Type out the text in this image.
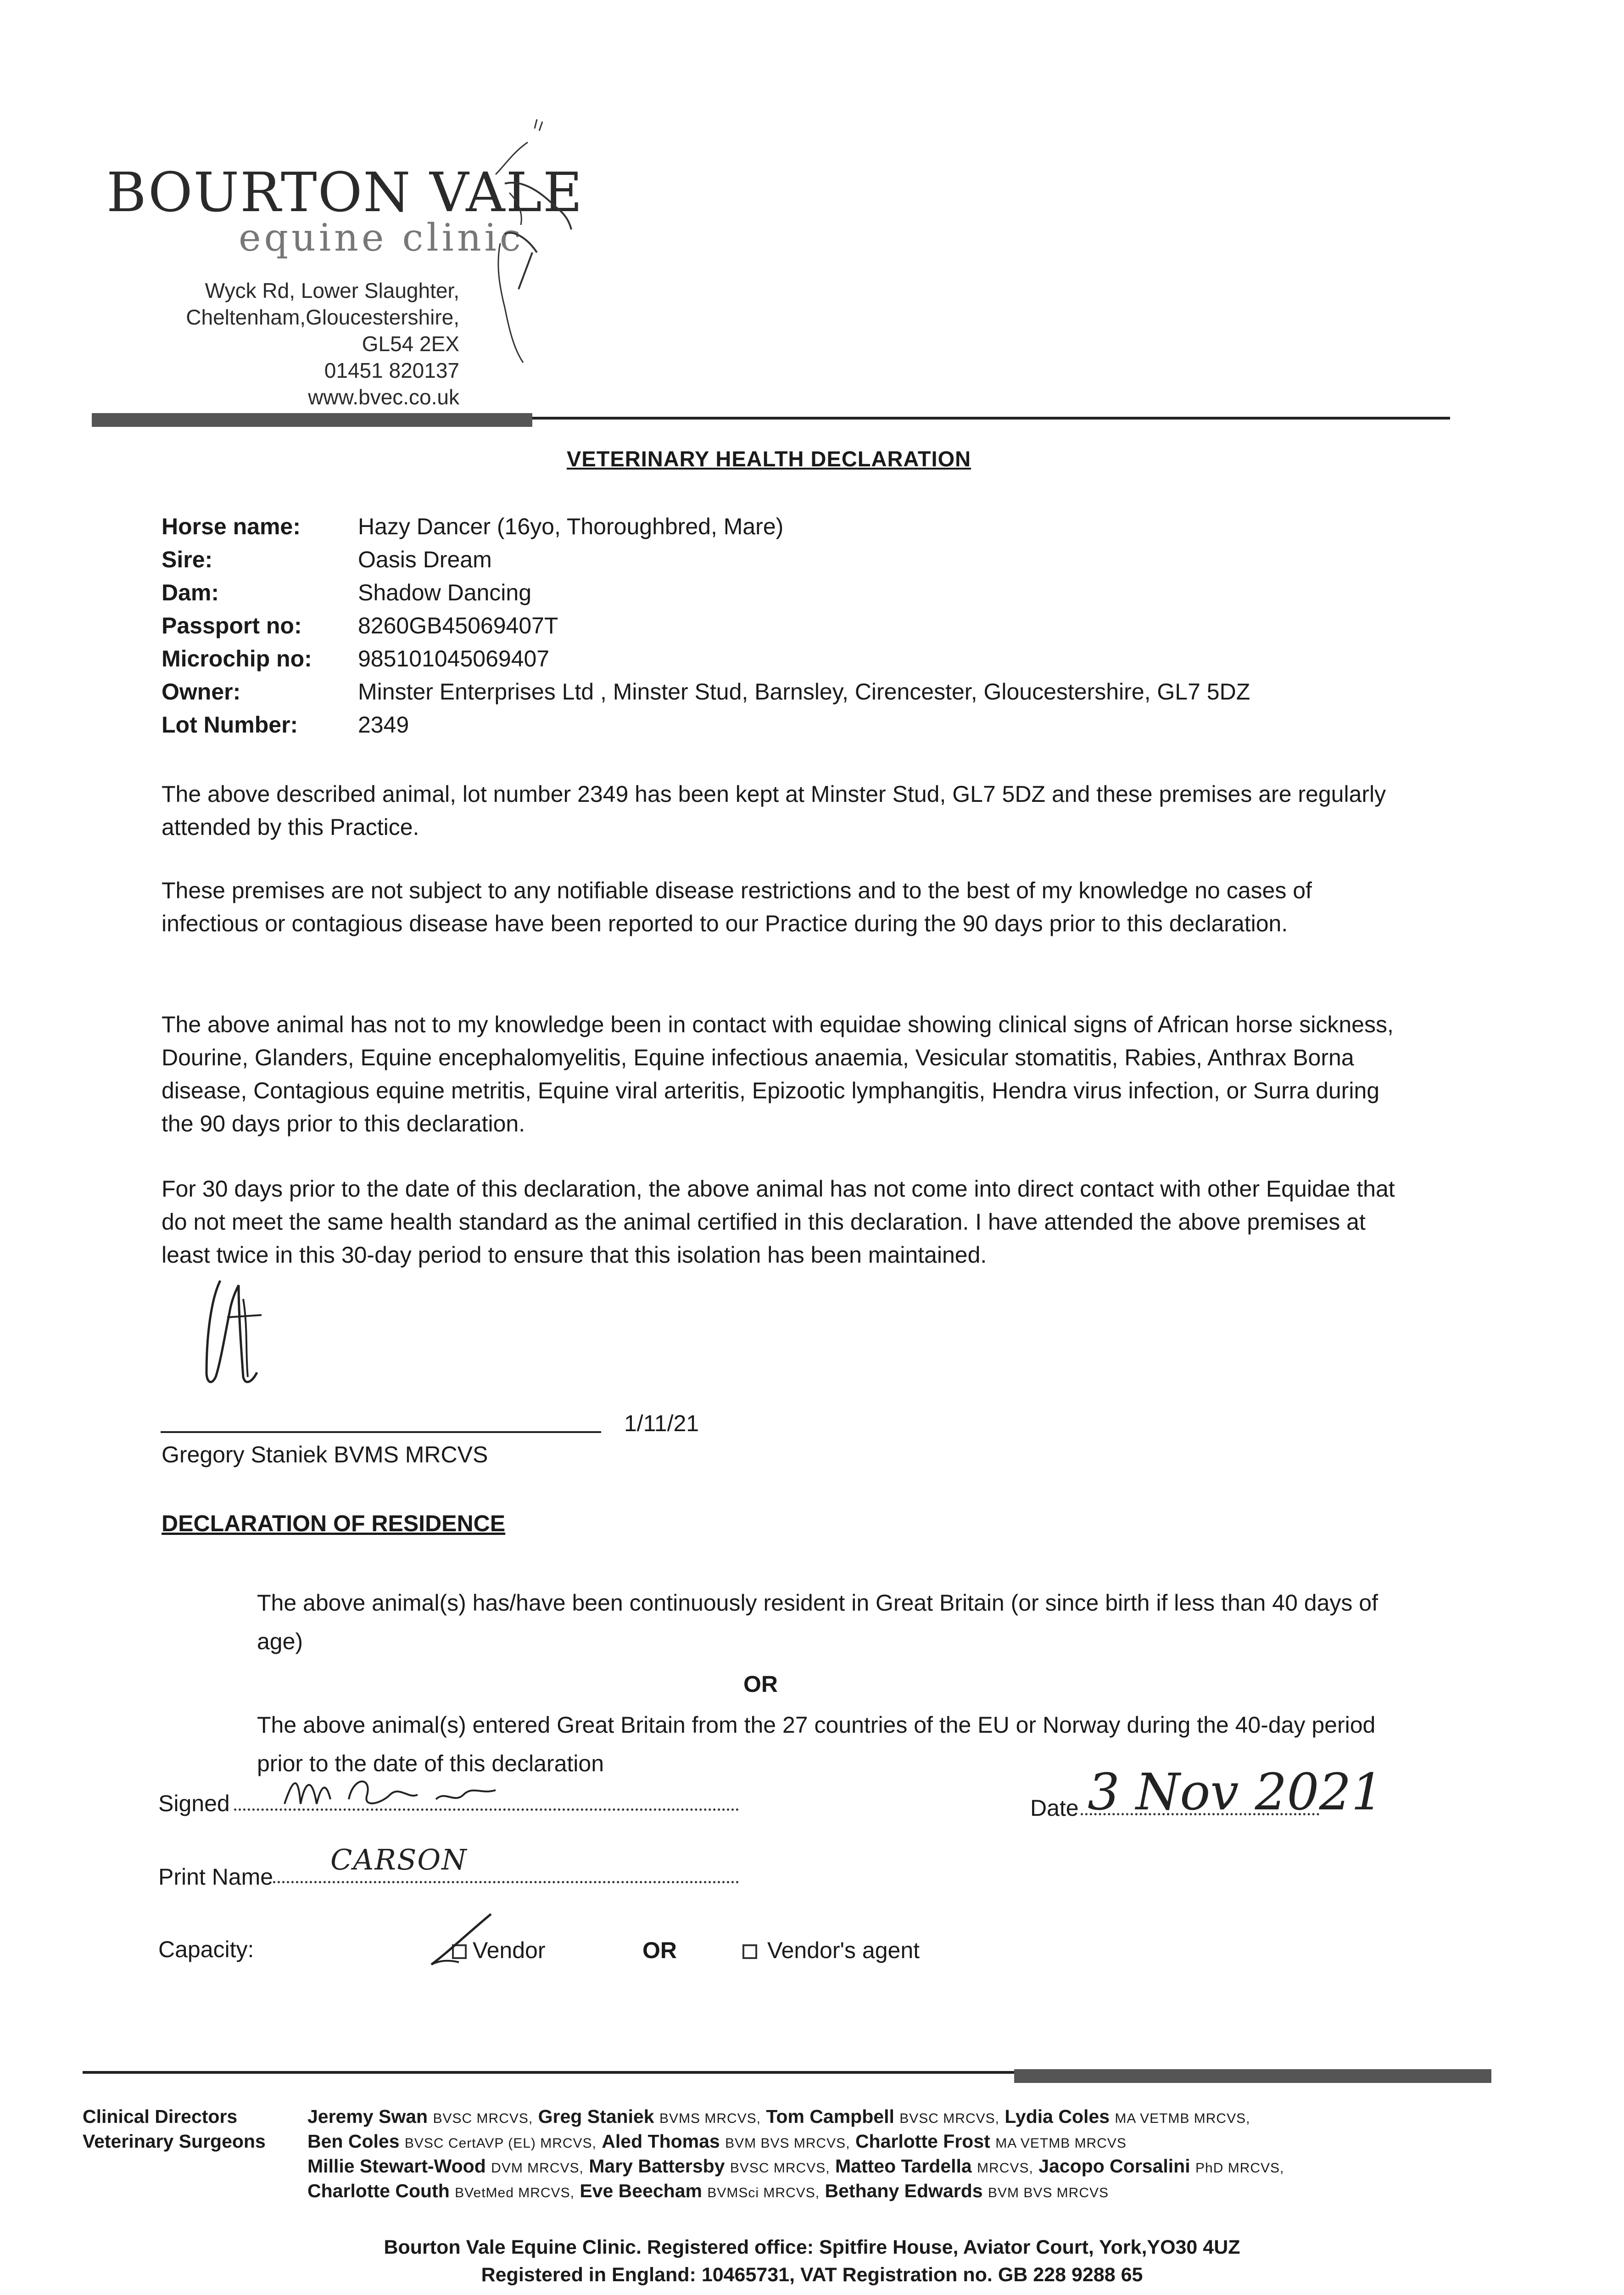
BOURTON VALE
equine clinic
Wyck Rd, Lower Slaughter,
Cheltenham,Gloucestershire,
GL54 2EX
01451 820137
www.bvec.co.uk
VETERINARY HEALTH DECLARATION
Horse name:	Hazy Dancer (16yo, Thoroughbred, Mare)
Sire:	Oasis Dream
Dam:	Shadow Dancing
Passport no: 8260GB45069407T
Microchip no: 985101045069407
Owner:	Minster Enterprises Ltd , Minster Stud, Barnsley, Cirencester, Gloucestershire, GL7 5DZ
Lot Number:	2349
The above described animal, lot number 2349 has been kept at Minster Stud, GL7 5DZ and these premises are regularly attended by this Practice.
These premises are not subject to any notifiable disease restrictions and to the best of my knowledge no cases of infectious or contagious disease have been reported to our Practice during the 90 days prior to this declaration.
The above animal has not to my knowledge been in contact with equidae showing clinical signs of African horse sickness, Dourine, Glanders, Equine encephalomyelitis, Equine infectious anaemia, Vesicular stomatitis, Rabies, Anthrax Borna disease, Contagious equine metritis, Equine viral arteritis, Epizootic lymphangitis, Hendra virus infection, or Surra during the 90 days prior to this declaration.
For 30 days prior to the date of this declaration, the above animal has not come into direct contact with other Equidae that do not meet the same health standard as the animal certified in this declaration. I have attended the above premises at least twice in this 30-day period to ensure that this isolation has been maintained.
1/11/21
Gregory Staniek BVMS MRCVS
DECLARATION OF RESIDENCE
The above animal(s) has/have been continuously resident in Great Britain (or since birth if less than 40 days of age)
OR
The above animal(s) entered Great Britain from the 27 countries of the EU or Norway during the 40-day period prior to the date of this declaration
Signed	Date 3 Nov 2021
Print Name
CARSON
Capacity:	Vendor	OR	Vendor's agent
Clinical Directors
Veterinary Surgeons
Jeremy Swan BVSC MRCVS, Greg Staniek BVMS MRCVS, Tom Campbell BVSC MRCVS, Lydia Coles MA VETMB MRCVS,
Ben Coles BVSC CertAVP (EL) MRCVS, Aled Thomas BVM BVS MRCVS, Charlotte Frost MA VETMB MRCVS
Millie Stewart-Wood DVM MRCVS, Mary Battersby BVSC MRCVS, Matteo Tardella MRCVS, Jacopo Corsalini PhD MRCVS,
Charlotte Couth BVetMed MRCVS, Eve Beecham BVMSci MRCVS, Bethany Edwards BVM BVS MRCVS
Bourton Vale Equine Clinic. Registered office: Spitfire House, Aviator Court, York,YO30 4UZ
Registered in England: 10465731, VAT Registration no. GB 228 9288 65
